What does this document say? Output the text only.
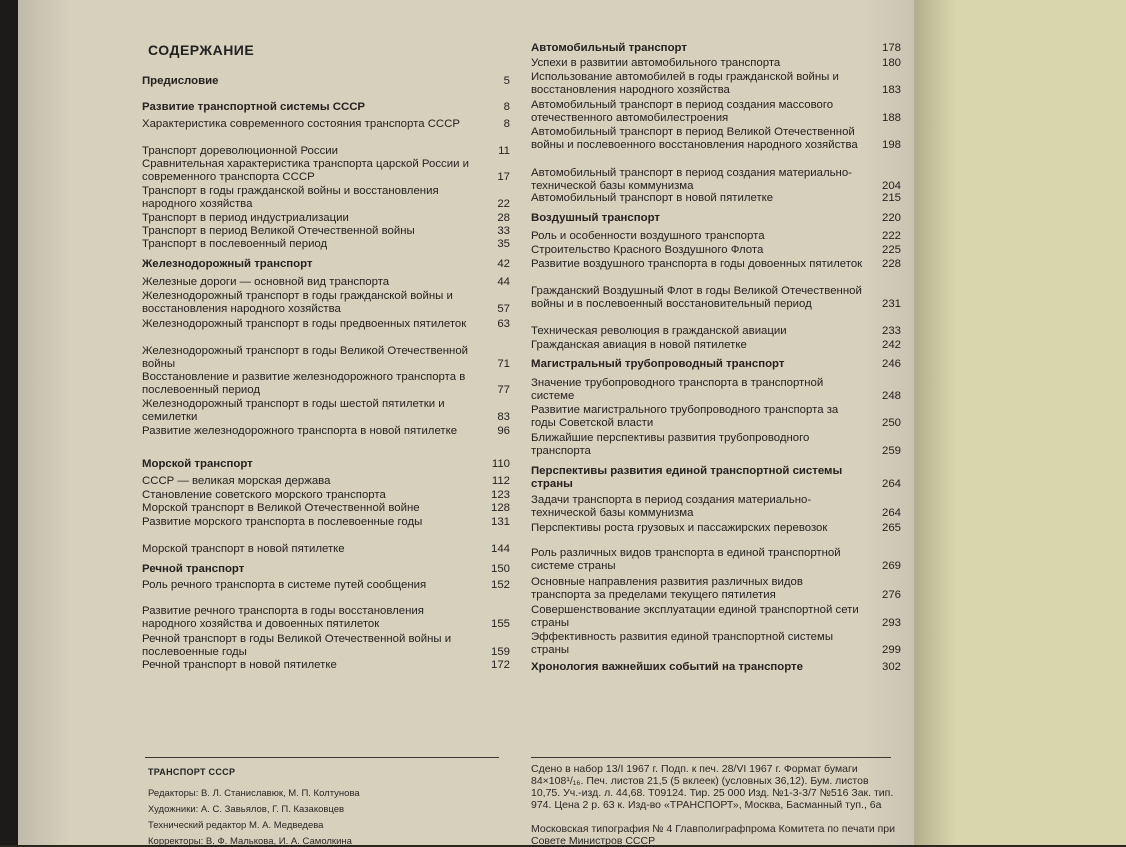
СОДЕРЖАНИЕ
Предисловие	5
Развитие транспортной системы СССР	8
Характеристика современного состояния транспорта СССР	8
Транспорт дореволюционной России	11
Сравнительная характеристика транспорта царской России и современного транспорта СССР	17
Транспорт в годы гражданской войны и восстановления народного хозяйства	22
Транспорт в период индустриализации	28
Транспорт в период Великой Отечественной войны	33
Транспорт в послевоенный период	35
Железнодорожный транспорт	42
Железные дороги — основной вид транспорта	44
Железнодорожный транспорт в годы гражданской войны и восстановления народного хозяйства	57
Железнодорожный транспорт в годы предвоенных пятилеток	63
Железнодорожный транспорт в годы Великой Отечественной войны	71
Восстановление и развитие железнодорожного транспорта в послевоенный период	77
Железнодорожный транспорт в годы шестой пятилетки и семилетки	83
Развитие железнодорожного транспорта в новой пятилетке	96
Морской транспорт	110
СССР — великая морская держава	112
Становление советского морского транспорта	123
Морской транспорт в Великой Отечественной войне	128
Развитие морского транспорта в послевоенные годы	131
Морской транспорт в новой пятилетке	144
Речной транспорт	150
Роль речного транспорта в системе путей сообщения	152
Развитие речного транспорта в годы восстановления народного хозяйства и довоенных пятилеток	155
Речной транспорт в годы Великой Отечественной войны и послевоенные годы	159
Речной транспорт в новой пятилетке	172
Автомобильный транспорт	178
Успехи в развитии автомобильного транспорта	180
Использование автомобилей в годы гражданской войны и восстановления народного хозяйства	183
Автомобильный транспорт в период создания массового отечественного автомобилестроения	188
Автомобильный транспорт в период Великой Отечественной войны и послевоенного восстановления народного хозяйства	198
Автомобильный транспорт в период создания материально-технической базы коммунизма	204
Автомобильный транспорт в новой пятилетке	215
Воздушный транспорт	220
Роль и особенности воздушного транспорта	222
Строительство Красного Воздушного Флота	225
Развитие воздушного транспорта в годы довоенных пятилеток	228
Гражданский Воздушный Флот в годы Великой Отечественной войны и в послевоенный восстановительный период	231
Техническая революция в гражданской авиации	233
Гражданская авиация в новой пятилетке	242
Магистральный трубопроводный транспорт	246
Значение трубопроводного транспорта в транспортной системе	248
Развитие магистрального трубопроводного транспорта за годы Советской власти	250
Ближайшие перспективы развития трубопроводного транспорта	259
Перспективы развития единой транспортной системы страны	264
Задачи транспорта в период создания материально-технической базы коммунизма	264
Перспективы роста грузовых и пассажирских перевозок	265
Роль различных видов транспорта в единой транспортной системе страны	269
Основные направления развития различных видов транспорта за пределами текущего пятилетия	276
Совершенствование эксплуатации единой транспортной сети страны	293
Эффективность развития единой транспортной системы страны	299
Хронология важнейших событий на транспорте	302
ТРАНСПОРТ СССР
Редакторы: В. Л. Станиславюк, М. П. Колтунова
Художники: А. С. Завьялов, Г. П. Казаковцев
Технический редактор М. А. Медведева
Корректоры: В. Ф. Малькова, И. А. Самолкина
Сдено в набор 13/I 1967 г. Подп. к печ. 28/VI 1967 г. Формат бумаги 84×108¹/₁₆. Печ. листов 21,5 (5 вклеек) (условных 36,12). Бум. листов 10,75. Уч.-изд. л. 44,68. Т09124. Тир. 25 000 Изд. №1-3-3/7 №516 Зак. тип. 974. Цена 2 р. 63 к. Изд-во «ТРАНСПОРТ», Москва, Басманный туп., 6а
Московская типография № 4 Главполиграфпрома Комитета по печати при Совете Министров СССР
